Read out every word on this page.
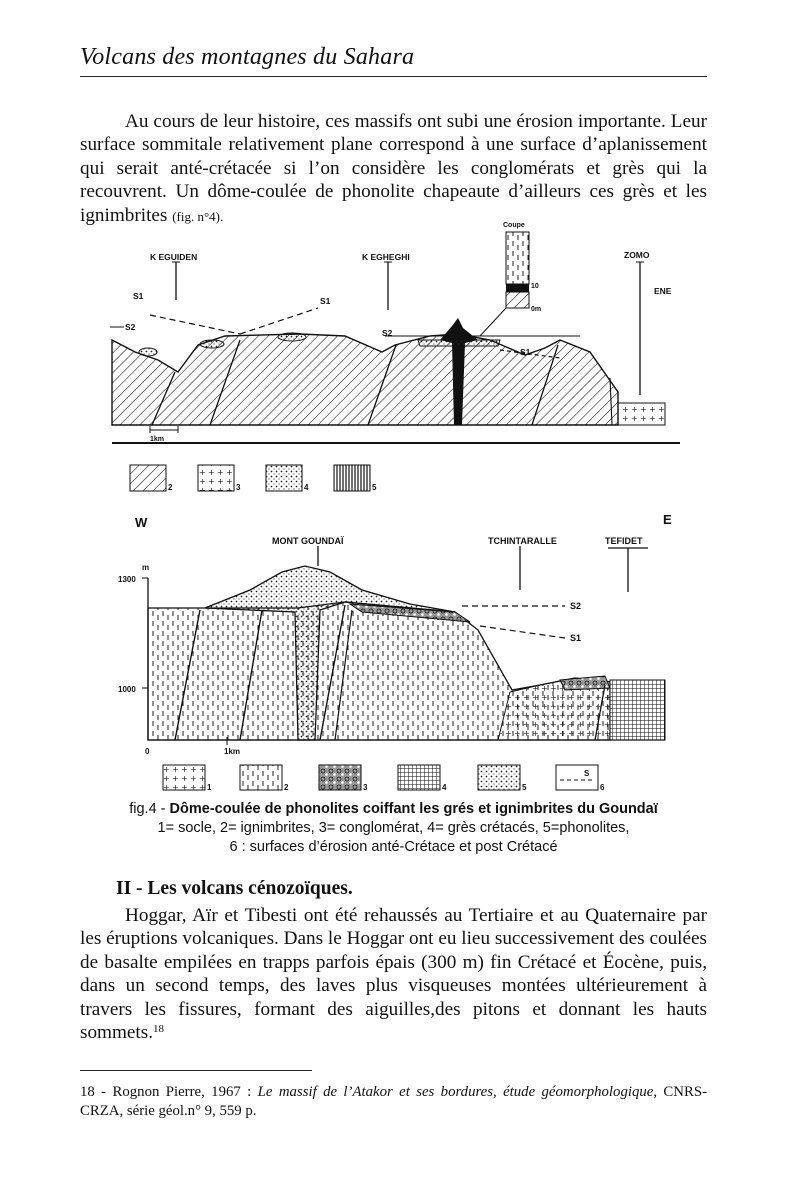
Volcans des montagnes du Sahara

Au cours de leur histoire, ces massifs ont subi une érosion importante. Leur surface sommitale relativement plane correspond à une surface d’aplanissement qui serait anté-crétacée si l’on considère les conglomérats et grès qui la recouvrent. Un dôme-coulée de phonolite chapeaute d’ailleurs ces grès et les ignimbrites (fig. n°4).

K EGUIDEN	K EGHEGHI	ZOMO
ENE
Coupe
S1	S1
S1
S2
S2
10
0m
1km
2	3	4	5
W	E
MONT GOUNDAÏ	TCHINTARALLE	TEFIDET
m
1300
1000
0	1km
S2
S1
1	2	3	4	5
S
6
fig.4 - Dôme-coulée de phonolites coiffant les grés et ignimbrites du Goundaï
1= socle, 2= ignimbrites, 3= conglomérat, 4= grès crétacés, 5=phonolites,
6 : surfaces d’érosion anté-Crétace et post Crétacé
II - Les volcans cénozoïques.

Hoggar, Aïr et Tibesti ont été rehaussés au Tertiaire et au Quaternaire par les éruptions volcaniques. Dans le Hoggar ont eu lieu successivement des coulées de basalte empilées en trapps parfois épais (300 m) fin Crétacé et Éocène, puis, dans un second temps, des laves plus visqueuses montées ultérieurement à travers les fissures, formant des aiguilles,des pitons et donnant les hauts sommets.$^{18}$

18 - Rognon Pierre, 1967 : Le massif de l’Atakor et ses bordures, étude géomorphologique, CNRS-CRZA, série géol.n° 9, 559 p.
